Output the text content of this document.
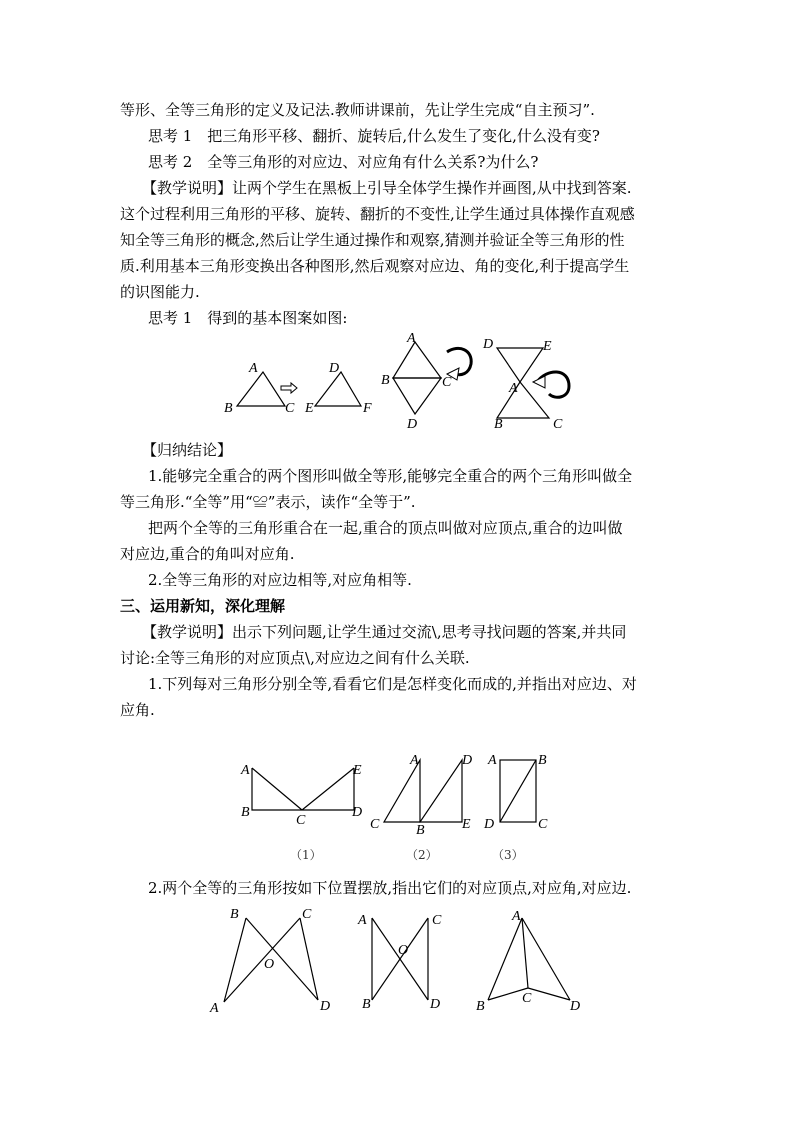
等形、全等三角形的定义及记法.教师讲课前，先让学生完成“自主预习”.
思考 1　把三角形平移、翻折、旋转后,什么发生了变化,什么没有变?
思考 2　全等三角形的对应边、对应角有什么关系?为什么?
【教学说明】让两个学生在黑板上引导全体学生操作并画图,从中找到答案.
这个过程利用三角形的平移、旋转、翻折的不变性,让学生通过具体操作直观感
知全等三角形的概念,然后让学生通过操作和观察,猜测并验证全等三角形的性
质.利用基本三角形变换出各种图形,然后观察对应边、角的变化,利于提高学生
的识图能力.
思考 1　得到的基本图案如图:
A
B	C
D
E	F
A
B	C
D
D	E
A
B	C
【归纳结论】
1.能够完全重合的两个图形叫做全等形,能够完全重合的两个三角形叫做全
等三角形.“全等”用“≌”表示，读作“全等于”.
把两个全等的三角形重合在一起,重合的顶点叫做对应顶点,重合的边叫做
对应边,重合的角叫对应角.
2.全等三角形的对应边相等,对应角相等.
三、运用新知，深化理解
【教学说明】出示下列问题,让学生通过交流\,思考寻找问题的答案,并共同
讨论:全等三角形的对应顶点\,对应边之间有什么关联.
1.下列每对三角形分别全等,看看它们是怎样变化而成的,并指出对应边、对
应角.
A
B
C
D
E
A
B
C
D
E
A	B
C
D
（1）	（2）	（3）
2.两个全等的三角形按如下位置摆放,指出它们的对应顶点,对应角,对应边.
B	C
O
A	D
A	C
O
B	D
A
B
C
D
